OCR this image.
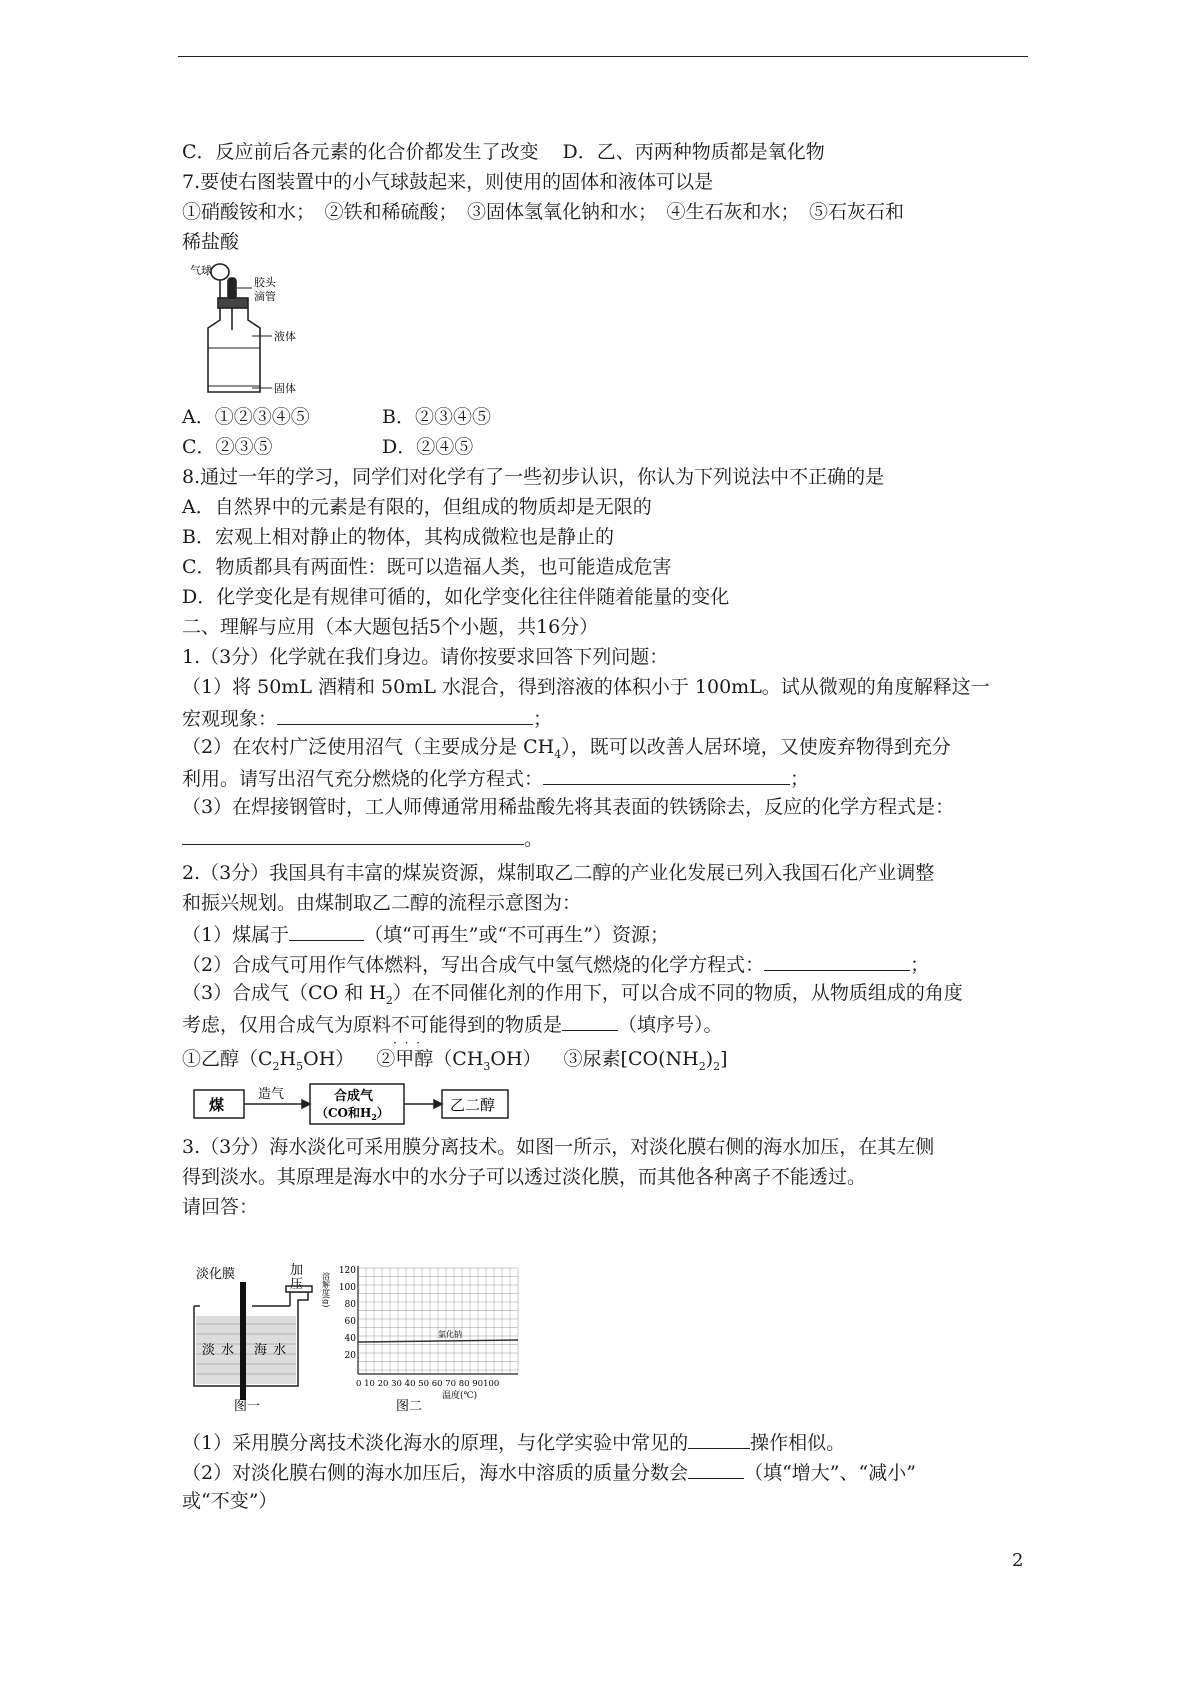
C．反应前后各元素的化合价都发生了改变 D．乙、丙两种物质都是氧化物
7.要使右图装置中的小气球鼓起来，则使用的固体和液体可以是
①硝酸铵和水；　②铁和稀硫酸；　③固体氢氧化钠和水；　④生石灰和水；　⑤石灰石和
稀盐酸
气球
胶头
滴管
液体
固体
A．①②③④⑤	B．②③④⑤
C．②③⑤	D．②④⑤
8.通过一年的学习，同学们对化学有了一些初步认识，你认为下列说法中不正确的是
A．自然界中的元素是有限的，但组成的物质却是无限的
B．宏观上相对静止的物体，其构成微粒也是静止的
C．物质都具有两面性：既可以造福人类，也可能造成危害
D．化学变化是有规律可循的，如化学变化往往伴随着能量的变化
二、理解与应用（本大题包括5个小题，共16分）
1.（3分）化学就在我们身边。请你按要求回答下列问题：
（1）将 50mL 酒精和 50mL 水混合，得到溶液的体积小于 100mL。试从微观的角度解释这一
宏观现象：	；
（2）在农村广泛使用沼气（主要成分是 $CH_4$），既可以改善人居环境，又使废弃物得到充分
利用。请写出沼气充分燃烧的化学方程式：	；
（3）在焊接钢管时，工人师傅通常用稀盐酸先将其表面的铁锈除去，反应的化学方程式是：
。
2.（3分）我国具有丰富的煤炭资源，煤制取乙二醇的产业化发展已列入我国石化产业调整
和振兴规划。由煤制取乙二醇的流程示意图为：
（1）煤属于	（填“可再生”或“不可再生”）资源；
（2）合成气可用作气体燃料，写出合成气中氢气燃烧的化学方程式：	；
（3）合成气（CO 和 $H_2$）在不同催化剂的作用下，可以合成不同的物质，从物质组成的角度
考虑，仅用合成气为原料不可能 · · ·得到的物质是	（填序号）。
①乙醇$(C_2H_5OH)$ ②甲醇$(CH_3OH)$ ③尿素$[CO(NH_2)_2]$
煤
造气	合成气
（CO和$H_2$）	乙二醇
3.（3分）海水淡化可采用膜分离技术。如图一所示，对淡化膜右侧的海水加压，在其左侧
得到淡水。其原理是海水中的水分子可以透过淡化膜，而其他各种离子不能透过。
请回答：
淡化膜	加
压
淡水 海水
图一
氯化钠
溶解度(g)
120
100
80
60
40
20
0 10 20 30 40 50 60 70 80 90100
温度(℃)
图二
（1）采用膜分离技术淡化海水的原理，与化学实验中常见的	操作相似。
（2）对淡化膜右侧的海水加压后，海水中溶质的质量分数会	（填“增大”、“减小”
或“不变”）
2
